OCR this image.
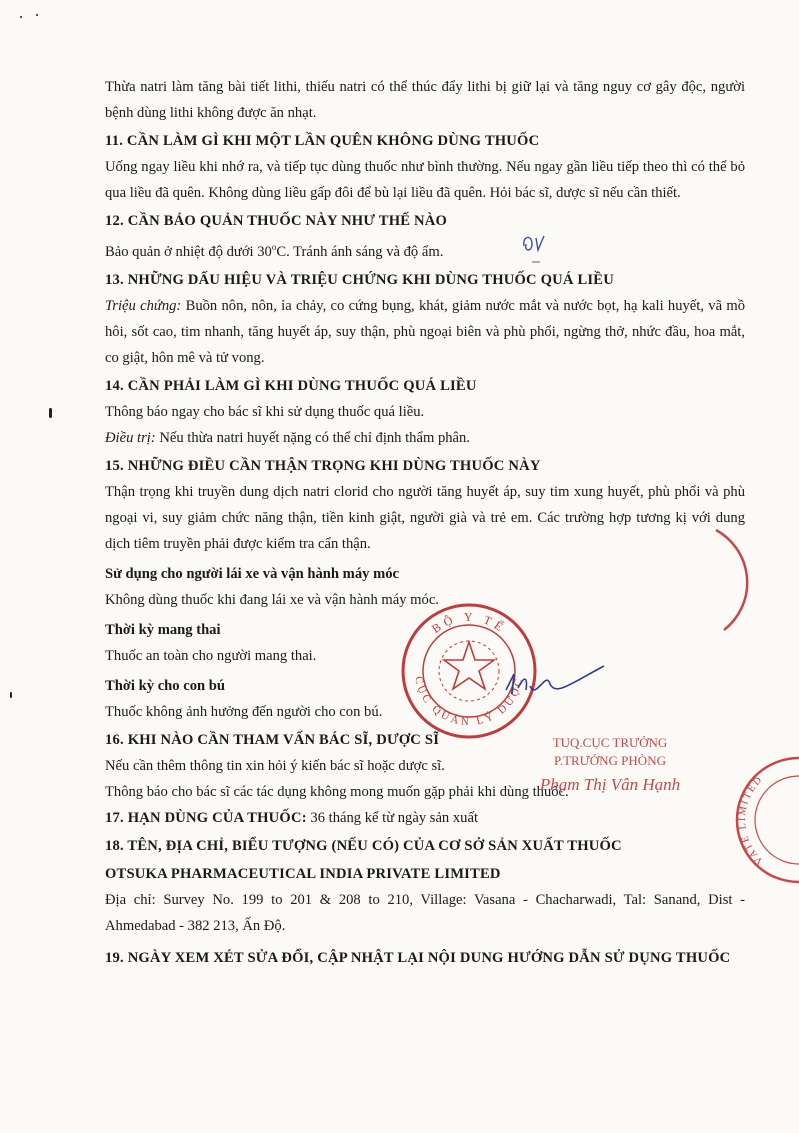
Thừa natri làm tăng bài tiết lithi, thiếu natri có thể thúc đẩy lithi bị giữ lại và tăng nguy cơ gây độc, người bệnh dùng lithi không được ăn nhạt.

11. CẦN LÀM GÌ KHI MỘT LẦN QUÊN KHÔNG DÙNG THUỐC

Uống ngay liều khi nhớ ra, và tiếp tục dùng thuốc như bình thường. Nếu ngay gần liều tiếp theo thì có thể bỏ qua liều đã quên. Không dùng liều gấp đôi để bù lại liều đã quên. Hỏi bác sĩ, dược sĩ nếu cần thiết.

12. CẦN BẢO QUẢN THUỐC NÀY NHƯ THẾ NÀO

Bảo quản ở nhiệt độ dưới 30$^o$C. Tránh ánh sáng và độ ẩm.

13. NHỮNG DẤU HIỆU VÀ TRIỆU CHỨNG KHI DÙNG THUỐC QUÁ LIỀU

Triệu chứng: Buồn nôn, nôn, ỉa chảy, co cứng bụng, khát, giảm nước mắt và nước bọt, hạ kali huyết, vã mồ hôi, sốt cao, tim nhanh, tăng huyết áp, suy thận, phù ngoại biên và phù phổi, ngừng thở, nhức đầu, hoa mắt, co giật, hôn mê và tử vong.

14. CẦN PHẢI LÀM GÌ KHI DÙNG THUỐC QUÁ LIỀU

Thông báo ngay cho bác sĩ khi sử dụng thuốc quá liều.

Điều trị: Nếu thừa natri huyết nặng có thể chỉ định thẩm phân.

15. NHỮNG ĐIỀU CẦN THẬN TRỌNG KHI DÙNG THUỐC NÀY

Thận trọng khi truyền dung dịch natri clorid cho người tăng huyết áp, suy tim xung huyết, phù phổi và phù ngoại vi, suy giảm chức năng thận, tiền kinh giật, người già và trẻ em. Các trường hợp tương kị với dung dịch tiêm truyền phải được kiểm tra cẩn thận.

Sử dụng cho người lái xe và vận hành máy móc

Không dùng thuốc khi đang lái xe và vận hành máy móc.

Thời kỳ mang thai

Thuốc an toàn cho người mang thai.

Thời kỳ cho con bú

Thuốc không ảnh hưởng đến người cho con bú.

16. KHI NÀO CẦN THAM VẤN BÁC SĨ, DƯỢC SĨ

Nếu cần thêm thông tin xin hỏi ý kiến bác sĩ hoặc dược sĩ.

Thông báo cho bác sĩ các tác dụng không mong muốn gặp phải khi dùng thuốc.

17. HẠN DÙNG CỦA THUỐC: 36 tháng kể từ ngày sản xuất

18. TÊN, ĐỊA CHỈ, BIỂU TƯỢNG (NẾU CÓ) CỦA CƠ SỞ SẢN XUẤT THUỐC

OTSUKA PHARMACEUTICAL INDIA PRIVATE LIMITED

Địa chỉ: Survey No. 199 to 201 & 208 to 210, Village: Vasana - Chacharwadi, Tal: Sanand, Dist - Ahmedabad - 382 213, Ấn Độ.

19. NGÀY XEM XÉT SỬA ĐỔI, CẬP NHẬT LẠI NỘI DUNG HƯỚNG DẪN SỬ DỤNG THUỐC

BỘ Y TẾ
CỤC QUẢN LÝ DƯỢC
TUQ.CỤC TRƯỞNG
P.TRƯỞNG PHÒNG
Phạm Thị Vân Hạnh
VATE LIMITED
